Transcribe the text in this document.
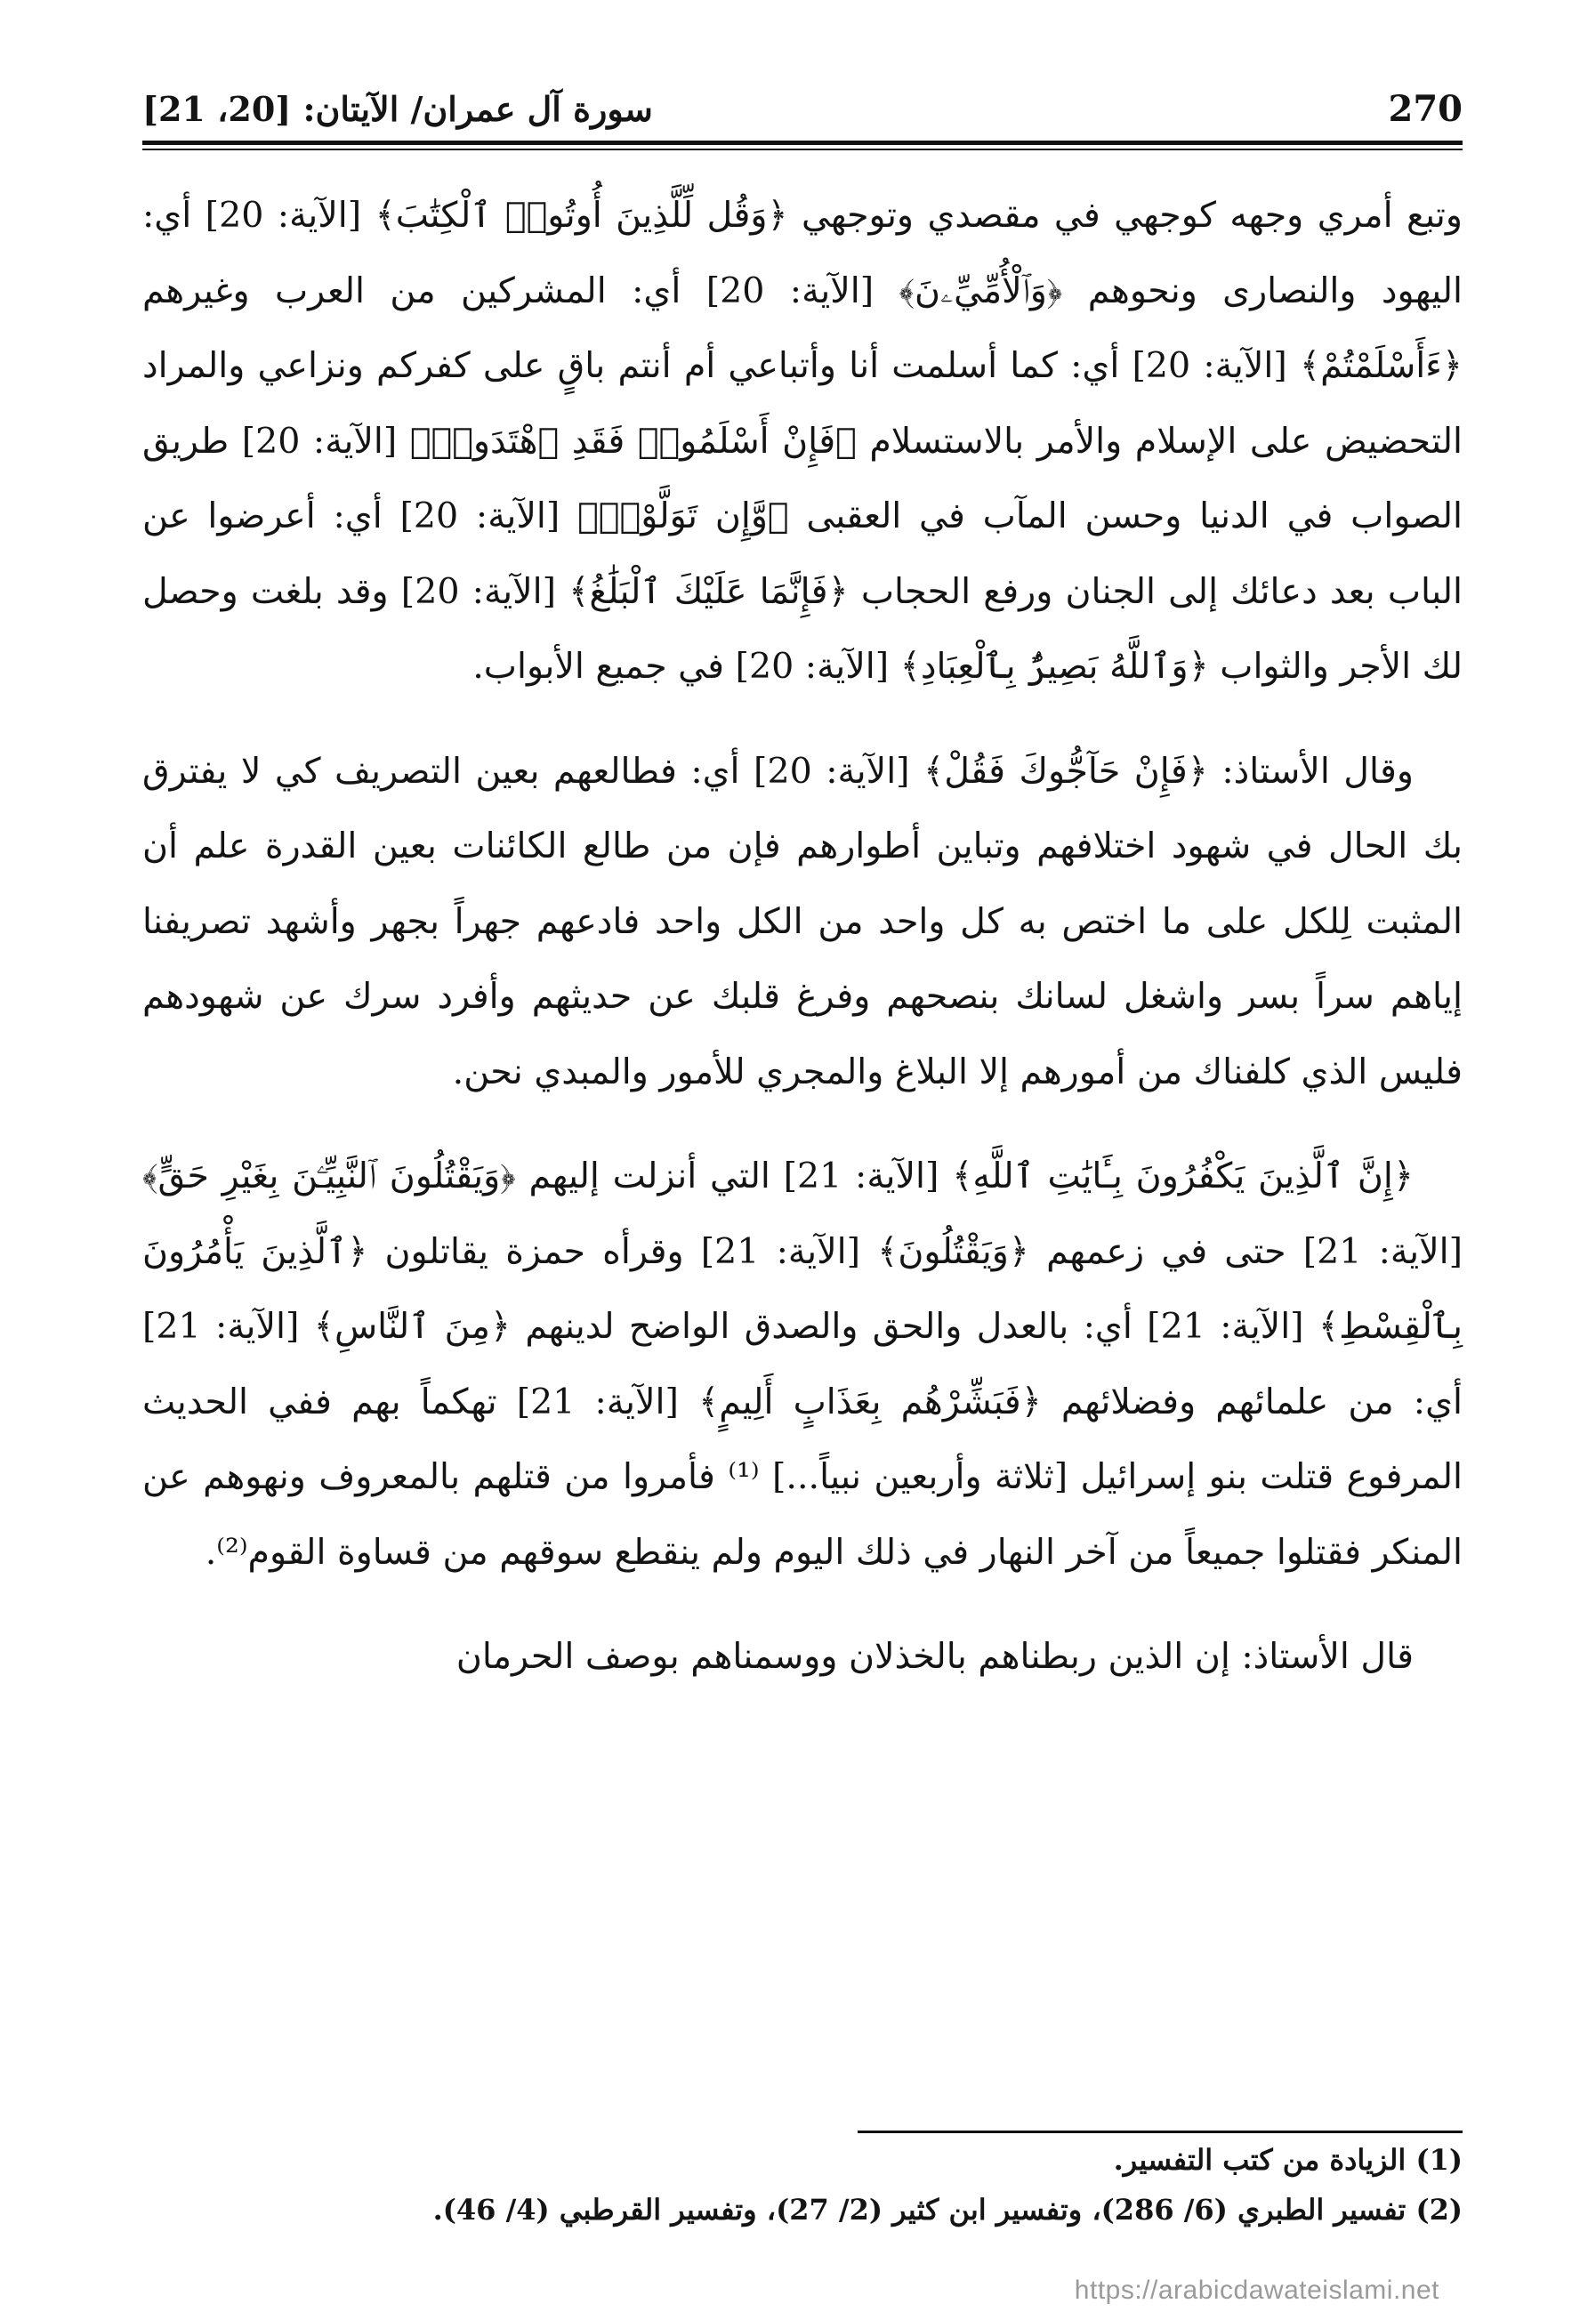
270
سورة آل عمران/ الآيتان: [20، 21]

وتبع أمري وجهه كوجهي في مقصدي وتوجهي ﴿وَقُل لِّلَّذِينَ أُوتُوا۟ ٱلْكِتَٰبَ﴾ [الآية: 20] أي: اليهود والنصارى ونحوهم ﴿وَٱلْأُمِّيِّۦنَ﴾ [الآية: 20] أي: المشركين من العرب وغيرهم ﴿ءَأَسْلَمْتُمْ﴾ [الآية: 20] أي: كما أسلمت أنا وأتباعي أم أنتم باقٍ على كفركم ونزاعي والمراد التحضيض على الإسلام والأمر بالاستسلام ﴿فَإِنْ أَسْلَمُوا۟ فَقَدِ ٱهْتَدَوا۟﴾ [الآية: 20] طريق الصواب في الدنيا وحسن المآب في العقبى ﴿وَّإِن تَوَلَّوْا۟﴾ [الآية: 20] أي: أعرضوا عن الباب بعد دعائك إلى الجنان ورفع الحجاب ﴿فَإِنَّمَا عَلَيْكَ ٱلْبَلَٰغُ﴾ [الآية: 20] وقد بلغت وحصل لك الأجر والثواب ﴿وَٱللَّهُ بَصِيرٌۢ بِٱلْعِبَادِ﴾ [الآية: 20] في جميع الأبواب.

وقال الأستاذ: ﴿فَإِنْ حَآجُّوكَ فَقُلْ﴾ [الآية: 20] أي: فطالعهم بعين التصريف كي لا يفترق بك الحال في شهود اختلافهم وتباين أطوارهم فإن من طالع الكائنات بعين القدرة علم أن المثبت لِلكل على ما اختص به كل واحد من الكل واحد فادعهم جهراً بجهر وأشهد تصريفنا إياهم سراً بسر واشغل لسانك بنصحهم وفرغ قلبك عن حديثهم وأفرد سرك عن شهودهم فليس الذي كلفناك من أمورهم إلا البلاغ والمجري للأمور والمبدي نحن.

﴿إِنَّ ٱلَّذِينَ يَكْفُرُونَ بِـَٔايَٰتِ ٱللَّهِ﴾ [الآية: 21] التي أنزلت إليهم ﴿وَيَقْتُلُونَ ٱلنَّبِيِّـۧنَ بِغَيْرِ حَقٍّ﴾ [الآية: 21] حتى في زعمهم ﴿وَيَقْتُلُونَ﴾ [الآية: 21] وقرأه حمزة يقاتلون ﴿ٱلَّذِينَ يَأْمُرُونَ بِٱلْقِسْطِ﴾ [الآية: 21] أي: بالعدل والحق والصدق الواضح لدينهم ﴿مِنَ ٱلنَّاسِ﴾ [الآية: 21] أي: من علمائهم وفضلائهم ﴿فَبَشِّرْهُم بِعَذَابٍ أَلِيمٍ﴾ [الآية: 21] تهكماً بهم ففي الحديث المرفوع قتلت بنو إسرائيل [ثلاثة وأربعين نبياً...] ⁽¹⁾ فأمروا من قتلهم بالمعروف ونهوهم عن المنكر فقتلوا جميعاً من آخر النهار في ذلك اليوم ولم ينقطع سوقهم من قساوة القوم⁽²⁾.

قال الأستاذ: إن الذين ربطناهم بالخذلان ووسمناهم بوصف الحرمان

(1) الزيادة من كتب التفسير.

(2) تفسير الطبري (6/ 286)، وتفسير ابن كثير (2/ 27)، وتفسير القرطبي (4/ 46).

https://arabicdawateislami.net
